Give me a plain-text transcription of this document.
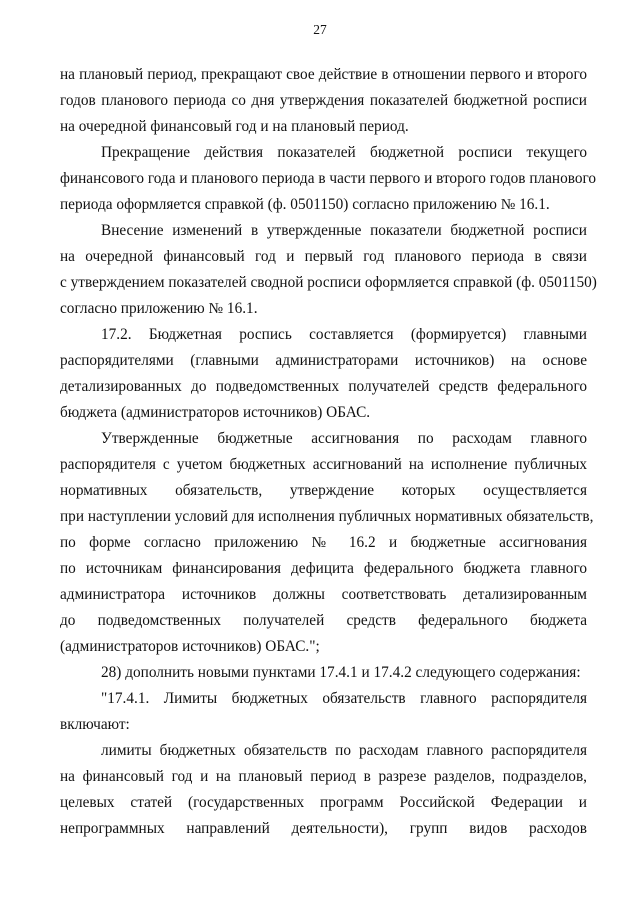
27

на плановый период, прекращают свое действие в отношении первого и второго
годов планового периода со дня утверждения показателей бюджетной росписи
на очередной финансовый год и на плановый период.

Прекращение действия показателей бюджетной росписи текущего
финансового года и планового периода в части первого и второго годов планового
периода оформляется справкой (ф. 0501150) согласно приложению № 16.1.

Внесение изменений в утвержденные показатели бюджетной росписи
на очередной финансовый год и первый год планового периода в связи
с утверждением показателей сводной росписи оформляется справкой (ф. 0501150)
согласно приложению № 16.1.

17.2. Бюджетная роспись составляется (формируется) главными
распорядителями (главными администраторами источников) на основе
детализированных до подведомственных получателей средств федерального
бюджета (администраторов источников) ОБАС.

Утвержденные бюджетные ассигнования по расходам главного
распорядителя с учетом бюджетных ассигнований на исполнение публичных
нормативных обязательств, утверждение которых осуществляется
при наступлении условий для исполнения публичных нормативных обязательств,
по форме согласно приложению № 16.2 и бюджетные ассигнования
по источникам финансирования дефицита федерального бюджета главного
администратора источников должны соответствовать детализированным
до подведомственных получателей средств федерального бюджета
(администраторов источников) ОБАС.";

28) дополнить новыми пунктами 17.4.1 и 17.4.2 следующего содержания:

"17.4.1. Лимиты бюджетных обязательств главного распорядителя
включают:

лимиты бюджетных обязательств по расходам главного распорядителя
на финансовый год и на плановый период в разрезе разделов, подразделов,
целевых статей (государственных программ Российской Федерации и
непрограммных направлений деятельности), групп видов расходов
